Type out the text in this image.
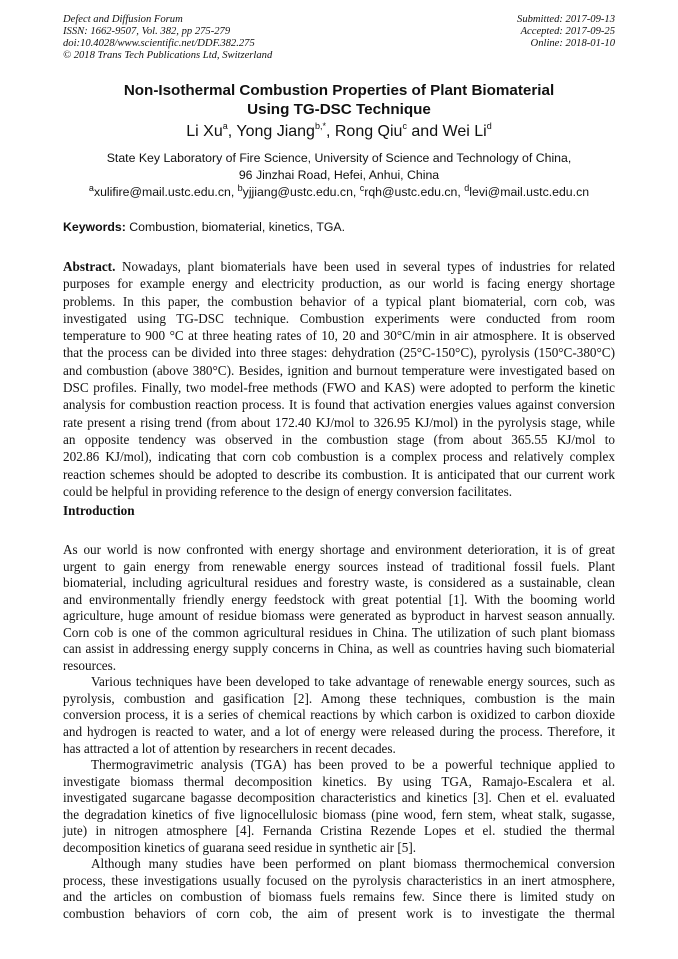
Defect and Diffusion Forum
ISSN: 1662-9507, Vol. 382, pp 275-279
doi:10.4028/www.scientific.net/DDF.382.275
© 2018 Trans Tech Publications Ltd, Switzerland
Submitted: 2017-09-13
Accepted: 2017-09-25
Online: 2018-01-10
Non-Isothermal Combustion Properties of Plant Biomaterial
Using TG-DSC Technique
Li Xu$^a$, Yong Jiang$^{b,*}$, Rong Qiu$^c$ and Wei Li$^d$
State Key Laboratory of Fire Science, University of Science and Technology of China,
96 Jinzhai Road, Hefei, Anhui, China
$^a$xulifire@mail.ustc.edu.cn, $^b$yjjiang@ustc.edu.cn, $^c$rqh@ustc.edu.cn, $^d$levi@mail.ustc.edu.cn
Keywords: Combustion, biomaterial, kinetics, TGA.
Abstract. Nowadays, plant biomaterials have been used in several types of industries for related
purposes for example energy and electricity production, as our world is facing energy shortage
problems. In this paper, the combustion behavior of a typical plant biomaterial, corn cob, was
investigated using TG-DSC technique. Combustion experiments were conducted from room
temperature to 900 °C at three heating rates of 10, 20 and 30°C/min in air atmosphere. It is observed
that the process can be divided into three stages: dehydration (25°C-150°C), pyrolysis (150°C-380°C)
and combustion (above 380°C). Besides, ignition and burnout temperature were investigated based on
DSC profiles. Finally, two model-free methods (FWO and KAS) were adopted to perform the kinetic
analysis for combustion reaction process. It is found that activation energies values against conversion
rate present a rising trend (from about 172.40 KJ/mol to 326.95 KJ/mol) in the pyrolysis stage, while
an opposite tendency was observed in the combustion stage (from about 365.55 KJ/mol to
202.86 KJ/mol), indicating that corn cob combustion is a complex process and relatively complex
reaction schemes should be adopted to describe its combustion. It is anticipated that our current work
could be helpful in providing reference to the design of energy conversion facilitates.
Introduction
As our world is now confronted with energy shortage and environment deterioration, it is of great
urgent to gain energy from renewable energy sources instead of traditional fossil fuels. Plant
biomaterial, including agricultural residues and forestry waste, is considered as a sustainable, clean
and environmentally friendly energy feedstock with great potential [1]. With the booming world
agriculture, huge amount of residue biomass were generated as byproduct in harvest season annually.
Corn cob is one of the common agricultural residues in China. The utilization of such plant biomass
can assist in addressing energy supply concerns in China, as well as countries having such biomaterial
resources.
Various techniques have been developed to take advantage of renewable energy sources, such as
pyrolysis, combustion and gasification [2]. Among these techniques, combustion is the main
conversion process, it is a series of chemical reactions by which carbon is oxidized to carbon dioxide
and hydrogen is reacted to water, and a lot of energy were released during the process. Therefore, it
has attracted a lot of attention by researchers in recent decades.
Thermogravimetric analysis (TGA) has been proved to be a powerful technique applied to
investigate biomass thermal decomposition kinetics. By using TGA, Ramajo-Escalera et al.
investigated sugarcane bagasse decomposition characteristics and kinetics [3]. Chen et el. evaluated
the degradation kinetics of five lignocellulosic biomass (pine wood, fern stem, wheat stalk, sugasse,
jute) in nitrogen atmosphere [4]. Fernanda Cristina Rezende Lopes et el. studied the thermal
decomposition kinetics of guarana seed residue in synthetic air [5].
Although many studies have been performed on plant biomass thermochemical conversion
process, these investigations usually focused on the pyrolysis characteristics in an inert atmosphere,
and the articles on combustion of biomass fuels remains few. Since there is limited study on
combustion behaviors of corn cob, the aim of present work is to investigate the thermal
